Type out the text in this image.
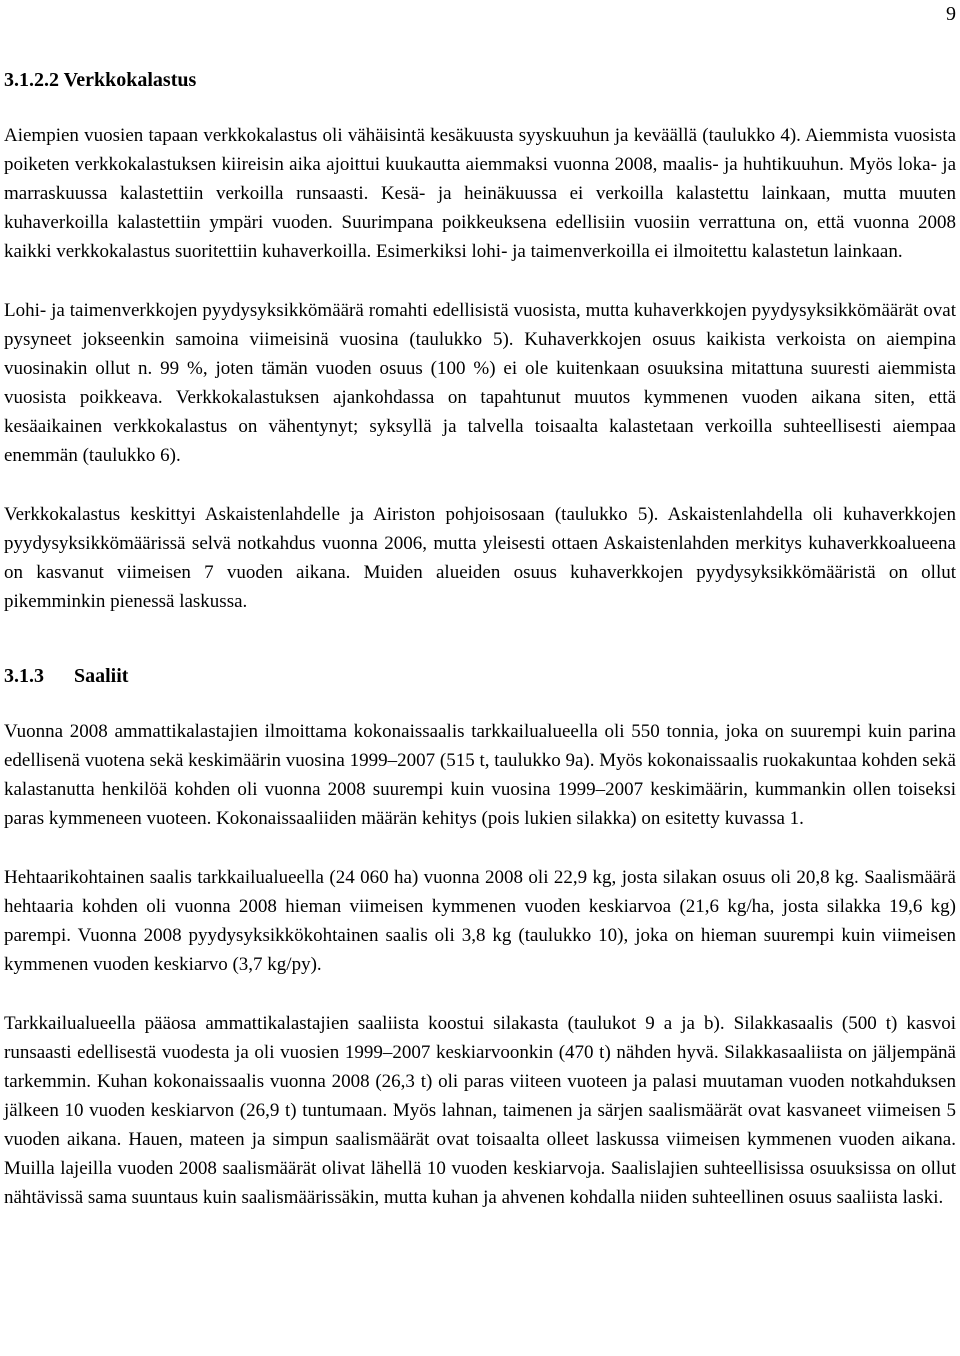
9
3.1.2.2 Verkkokalastus

Aiempien vuosien tapaan verkkokalastus oli vähäisintä kesäkuusta syyskuuhun ja keväällä (taulukko 4). Aiemmista vuosista poiketen verkkokalastuksen kiireisin aika ajoittui kuukautta aiemmaksi vuonna 2008, maalis- ja huhtikuuhun. Myös loka- ja marraskuussa kalastettiin verkoilla runsaasti. Kesä- ja heinäkuussa ei verkoilla kalastettu lainkaan, mutta muuten kuhaverkoilla kalastettiin ympäri vuoden. Suurimpana poikkeuksena edellisiin vuosiin verrattuna on, että vuonna 2008 kaikki verkkokalastus suoritettiin kuhaverkoilla. Esimerkiksi lohi- ja taimenverkoilla ei ilmoitettu kalastetun lainkaan.

Lohi- ja taimenverkkojen pyydysyksikkömäärä romahti edellisistä vuosista, mutta kuhaverkkojen pyydysyksikkömäärät ovat pysyneet jokseenkin samoina viimeisinä vuosina (taulukko 5). Kuhaverkkojen osuus kaikista verkoista on aiempina vuosinakin ollut n. 99 %, joten tämän vuoden osuus (100 %) ei ole kuitenkaan osuuksina mitattuna suuresti aiemmista vuosista poikkeava. Verkkokalastuksen ajankohdassa on tapahtunut muutos kymmenen vuoden aikana siten, että kesäaikainen verkkokalastus on vähentynyt; syksyllä ja talvella toisaalta kalastetaan verkoilla suhteellisesti aiempaa enemmän (taulukko 6).

Verkkokalastus keskittyi Askaistenlahdelle ja Airiston pohjoisosaan (taulukko 5). Askaistenlahdella oli kuhaverkkojen pyydysyksikkömäärissä selvä notkahdus vuonna 2006, mutta yleisesti ottaen Askaistenlahden merkitys kuhaverkkoalueena on kasvanut viimeisen 7 vuoden aikana. Muiden alueiden osuus kuhaverkkojen pyydysyksikkömääristä on ollut pikemminkin pienessä laskussa.

3.1.3 Saaliit

Vuonna 2008 ammattikalastajien ilmoittama kokonaissaalis tarkkailualueella oli 550 tonnia, joka on suurempi kuin parina edellisenä vuotena sekä keskimäärin vuosina 1999–2007 (515 t, taulukko 9a). Myös kokonaissaalis ruokakuntaa kohden sekä kalastanutta henkilöä kohden oli vuonna 2008 suurempi kuin vuosina 1999–2007 keskimäärin, kummankin ollen toiseksi paras kymmeneen vuoteen. Kokonaissaaliiden määrän kehitys (pois lukien silakka) on esitetty kuvassa 1.

Hehtaarikohtainen saalis tarkkailualueella (24 060 ha) vuonna 2008 oli 22,9 kg, josta silakan osuus oli 20,8 kg. Saalismäärä hehtaaria kohden oli vuonna 2008 hieman viimeisen kymmenen vuoden keskiarvoa (21,6 kg/ha, josta silakka 19,6 kg) parempi. Vuonna 2008 pyydysyksikkökohtainen saalis oli 3,8 kg (taulukko 10), joka on hieman suurempi kuin viimeisen kymmenen vuoden keskiarvo (3,7 kg/py).

Tarkkailualueella pääosa ammattikalastajien saaliista koostui silakasta (taulukot 9 a ja b). Silakkasaalis (500 t) kasvoi runsaasti edellisestä vuodesta ja oli vuosien 1999–2007 keskiarvoonkin (470 t) nähden hyvä. Silakkasaaliista on jäljempänä tarkemmin. Kuhan kokonaissaalis vuonna 2008 (26,3 t) oli paras viiteen vuoteen ja palasi muutaman vuoden notkahduksen jälkeen 10 vuoden keskiarvon (26,9 t) tuntumaan. Myös lahnan, taimenen ja särjen saalismäärät ovat kasvaneet viimeisen 5 vuoden aikana. Hauen, mateen ja simpun saalismäärät ovat toisaalta olleet laskussa viimeisen kymmenen vuoden aikana. Muilla lajeilla vuoden 2008 saalismäärät olivat lähellä 10 vuoden keskiarvoja. Saalislajien suhteellisissa osuuksissa on ollut nähtävissä sama suuntaus kuin saalismäärissäkin, mutta kuhan ja ahvenen kohdalla niiden suhteellinen osuus saaliista laski.
